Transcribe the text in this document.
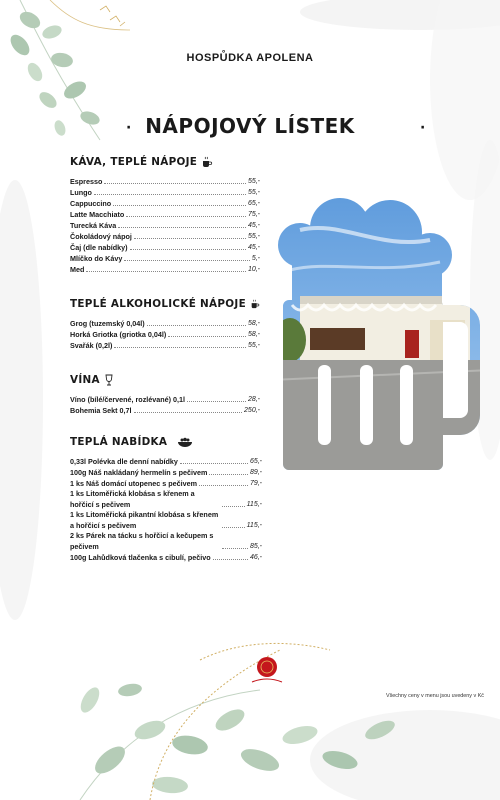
HOSPŮDKA APOLENA
· NÁPOJOVÝ LÍSTEK	·
KÁVA, TEPLÉ NÁPOJE
Espresso	55,-
Lungo	55,-
Cappuccino	65,-
Latte Macchiato	75,-
Turecká Káva	45,-
Čokoládový nápoj	55,-
Čaj (dle nabídky)	45,-
Mlíčko do Kávy	5,-
Med	10,-
TEPLÉ ALKOHOLICKÉ NÁPOJE
Grog (tuzemský 0,04l)	58,-
Horká Griotka (griotka 0,04l)	58,-
Svařák (0,2l)	55,-
VÍNA
Víno (bílé/červené, rozlévané) 0,1l	28,-
Bohemia Sekt 0,7l	250,-
TEPLÁ NABÍDKA
0,33l Polévka dle denní nabídky	65,-
100g Náš nakládaný hermelín s pečivem	89,-
1 ks Náš domácí utopenec s pečivem	79,-
1 ks Litoměřická klobása s křenem a hořčicí s pečivem	115,-
1 ks Litoměřická pikantní klobása s křenem a hořčicí s pečivem	115,-
2 ks Párek na tácku s hořčicí a kečupem s pečivem	85,-
100g Lahůdková tlačenka s cibulí, pečivo	46,-
Všechny ceny v menu jsou uvedeny v Kč
